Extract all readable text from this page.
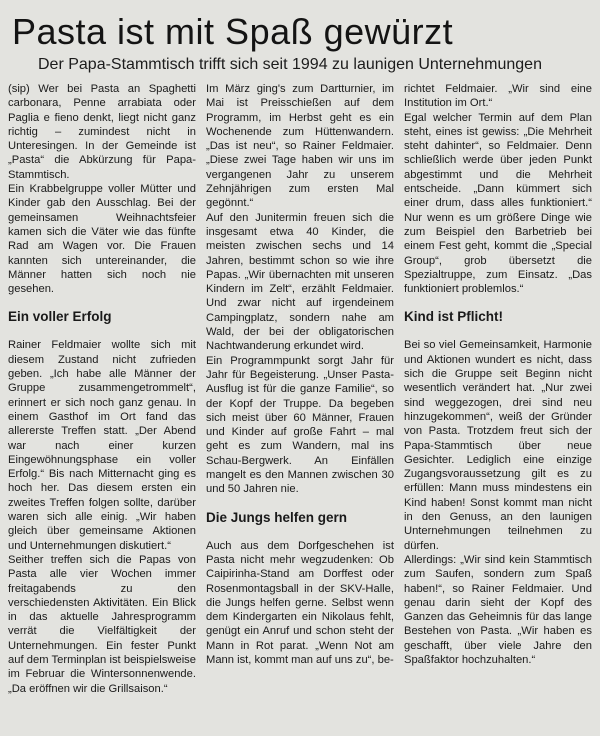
Pasta ist mit Spaß gewürzt
Der Papa-Stammtisch trifft sich seit 1994 zu launigen Unternehmungen

(sip) Wer bei Pasta an Spaghetti carbonara, Penne arrabiata oder Paglia e fieno denkt, liegt nicht ganz richtig – zumindest nicht in Unteresingen. In der Gemeinde ist „Pasta“ die Abkürzung für Papa-Stammtisch.

Ein Krabbelgruppe voller Mütter und Kinder gab den Ausschlag. Bei der gemeinsamen Weihnachtsfeier kamen sich die Väter wie das fünfte Rad am Wagen vor. Die Frauen kannten sich untereinander, die Männer hatten sich noch nie gesehen.

Ein voller Erfolg

Rainer Feldmaier wollte sich mit diesem Zustand nicht zufrieden geben. „Ich habe alle Männer der Gruppe zusammengetrommelt“, erinnert er sich noch ganz genau. In einem Gasthof im Ort fand das allererste Treffen statt. „Der Abend war nach einer kurzen Eingewöhnungsphase ein voller Erfolg.“ Bis nach Mitternacht ging es hoch her. Das diesem ersten ein zweites Treffen folgen sollte, darüber waren sich alle einig. „Wir haben gleich über gemeinsame Aktionen und Unternehmungen diskutiert.“

Seither treffen sich die Papas von Pasta alle vier Wochen immer freitagabends zu den verschiedensten Aktivitäten. Ein Blick in das aktuelle Jahresprogramm verrät die Vielfältigkeit der Unternehmungen. Ein fester Punkt auf dem Terminplan ist beispielsweise im Februar die Wintersonnenwende. „Da eröffnen wir die Grillsaison.“

Im März ging's zum Dartturnier, im Mai ist Preisschießen auf dem Programm, im Herbst geht es ein Wochenende zum Hüttenwandern. „Das ist neu“, so Rainer Feldmaier. „Diese zwei Tage haben wir uns im vergangenen Jahr zu unserem Zehnjährigen zum ersten Mal gegönnt.“

Auf den Junitermin freuen sich die insgesamt etwa 40 Kinder, die meisten zwischen sechs und 14 Jahren, bestimmt schon so wie ihre Papas. „Wir übernachten mit unseren Kindern im Zelt“, erzählt Feldmaier. Und zwar nicht auf irgendeinem Campingplatz, sondern nahe am Wald, der bei der obligatorischen Nachtwanderung erkundet wird.

Ein Programmpunkt sorgt Jahr für Jahr für Begeisterung. „Unser Pasta-Ausflug ist für die ganze Familie“, so der Kopf der Truppe. Da begeben sich meist über 60 Männer, Frauen und Kinder auf große Fahrt – mal geht es zum Wandern, mal ins Schau-Bergwerk. An Einfällen mangelt es den Mannen zwischen 30 und 50 Jahren nie.

Die Jungs helfen gern

Auch aus dem Dorfgeschehen ist Pasta nicht mehr wegzudenken: Ob Caipirinha-Stand am Dorffest oder Rosenmontagsball in der SKV-Halle, die Jungs helfen gerne. Selbst wenn dem Kindergarten ein Nikolaus fehlt, genügt ein Anruf und schon steht der Mann in Rot parat. „Wenn Not am Mann ist, kommt man auf uns zu“, be-

richtet Feldmaier. „Wir sind eine Institution im Ort.“

Egal welcher Termin auf dem Plan steht, eines ist gewiss: „Die Mehrheit steht dahinter“, so Feldmaier. Denn schließlich werde über jeden Punkt abgestimmt und die Mehrheit entscheide. „Dann kümmert sich einer drum, dass alles funktioniert.“ Nur wenn es um größere Dinge wie zum Beispiel den Barbetrieb bei einem Fest geht, kommt die „Special Group“, grob übersetzt die Spezialtruppe, zum Einsatz. „Das funktioniert problemlos.“

Kind ist Pflicht!

Bei so viel Gemeinsamkeit, Harmonie und Aktionen wundert es nicht, dass sich die Gruppe seit Beginn nicht wesentlich verändert hat. „Nur zwei sind weggezogen, drei sind neu hinzugekommen“, weiß der Gründer von Pasta. Trotzdem freut sich der Papa-Stammtisch über neue Gesichter. Lediglich eine einzige Zugangsvoraussetzung gilt es zu erfüllen: Mann muss mindestens ein Kind haben! Sonst kommt man nicht in den Genuss, an den launigen Unternehmungen teilnehmen zu dürfen.

Allerdings: „Wir sind kein Stammtisch zum Saufen, sondern zum Spaß haben!“, so Rainer Feldmaier. Und genau darin sieht der Kopf des Ganzen das Geheimnis für das lange Bestehen von Pasta. „Wir haben es geschafft, über viele Jahre den Spaßfaktor hochzuhalten.“
